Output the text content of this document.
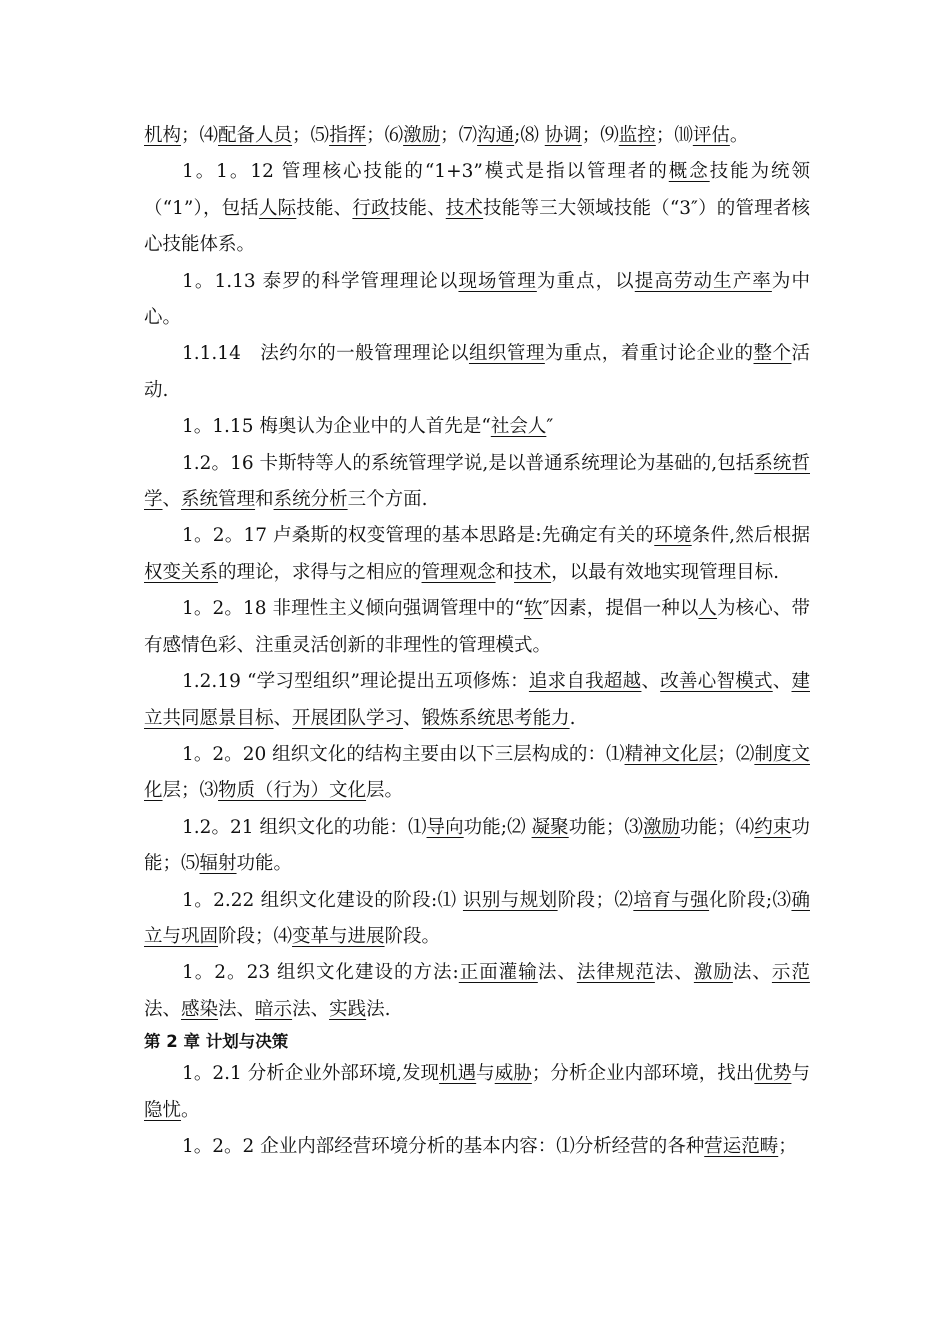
机构；⑷配备人员；⑸指挥；⑹激励；⑺沟通;⑻ 协调；⑼监控；⑽评估。

1。1。12 管理核心技能的“1+3”模式是指以管理者的概念技能为统领（“1”），包括人际技能、行政技能、技术技能等三大领域技能（“3″）的管理者核心技能体系。

1。1.13 泰罗的科学管理理论以现场管理为重点，以提高劳动生产率为中心。

1.1.14　法约尔的一般管理理论以组织管理为重点，着重讨论企业的整个活动.

1。1.15 梅奥认为企业中的人首先是“社会人″

1.2。16 卡斯特等人的系统管理学说,是以普通系统理论为基础的,包括系统哲学、系统管理和系统分析三个方面.

1。2。17 卢桑斯的权变管理的基本思路是:先确定有关的环境条件,然后根据权变关系的理论，求得与之相应的管理观念和技术，以最有效地实现管理目标.

1。2。18 非理性主义倾向强调管理中的“软″因素，提倡一种以人为核心、带有感情色彩、注重灵活创新的非理性的管理模式。

1.2.19 “学习型组织”理论提出五项修炼：追求自我超越、改善心智模式、建立共同愿景目标、开展团队学习、锻炼系统思考能力.

1。2。20 组织文化的结构主要由以下三层构成的：⑴精神文化层；⑵制度文化层；⑶物质（行为）文化层。

1.2。21 组织文化的功能：⑴导向功能;⑵ 凝聚功能；⑶激励功能；⑷约束功能；⑸辐射功能。

1。2.22 组织文化建设的阶段:⑴ 识别与规划阶段；⑵培育与强化阶段;⑶确立与巩固阶段；⑷变革与进展阶段。

1。2。23 组织文化建设的方法:正面灌输法、法律规范法、激励法、示范法、感染法、暗示法、实践法.

第 2 章 计划与决策

1。2.1 分析企业外部环境,发现机遇与威胁；分析企业内部环境，找出优势与隐忧。

1。2。2 企业内部经营环境分析的基本内容：⑴分析经营的各种营运范畴；
